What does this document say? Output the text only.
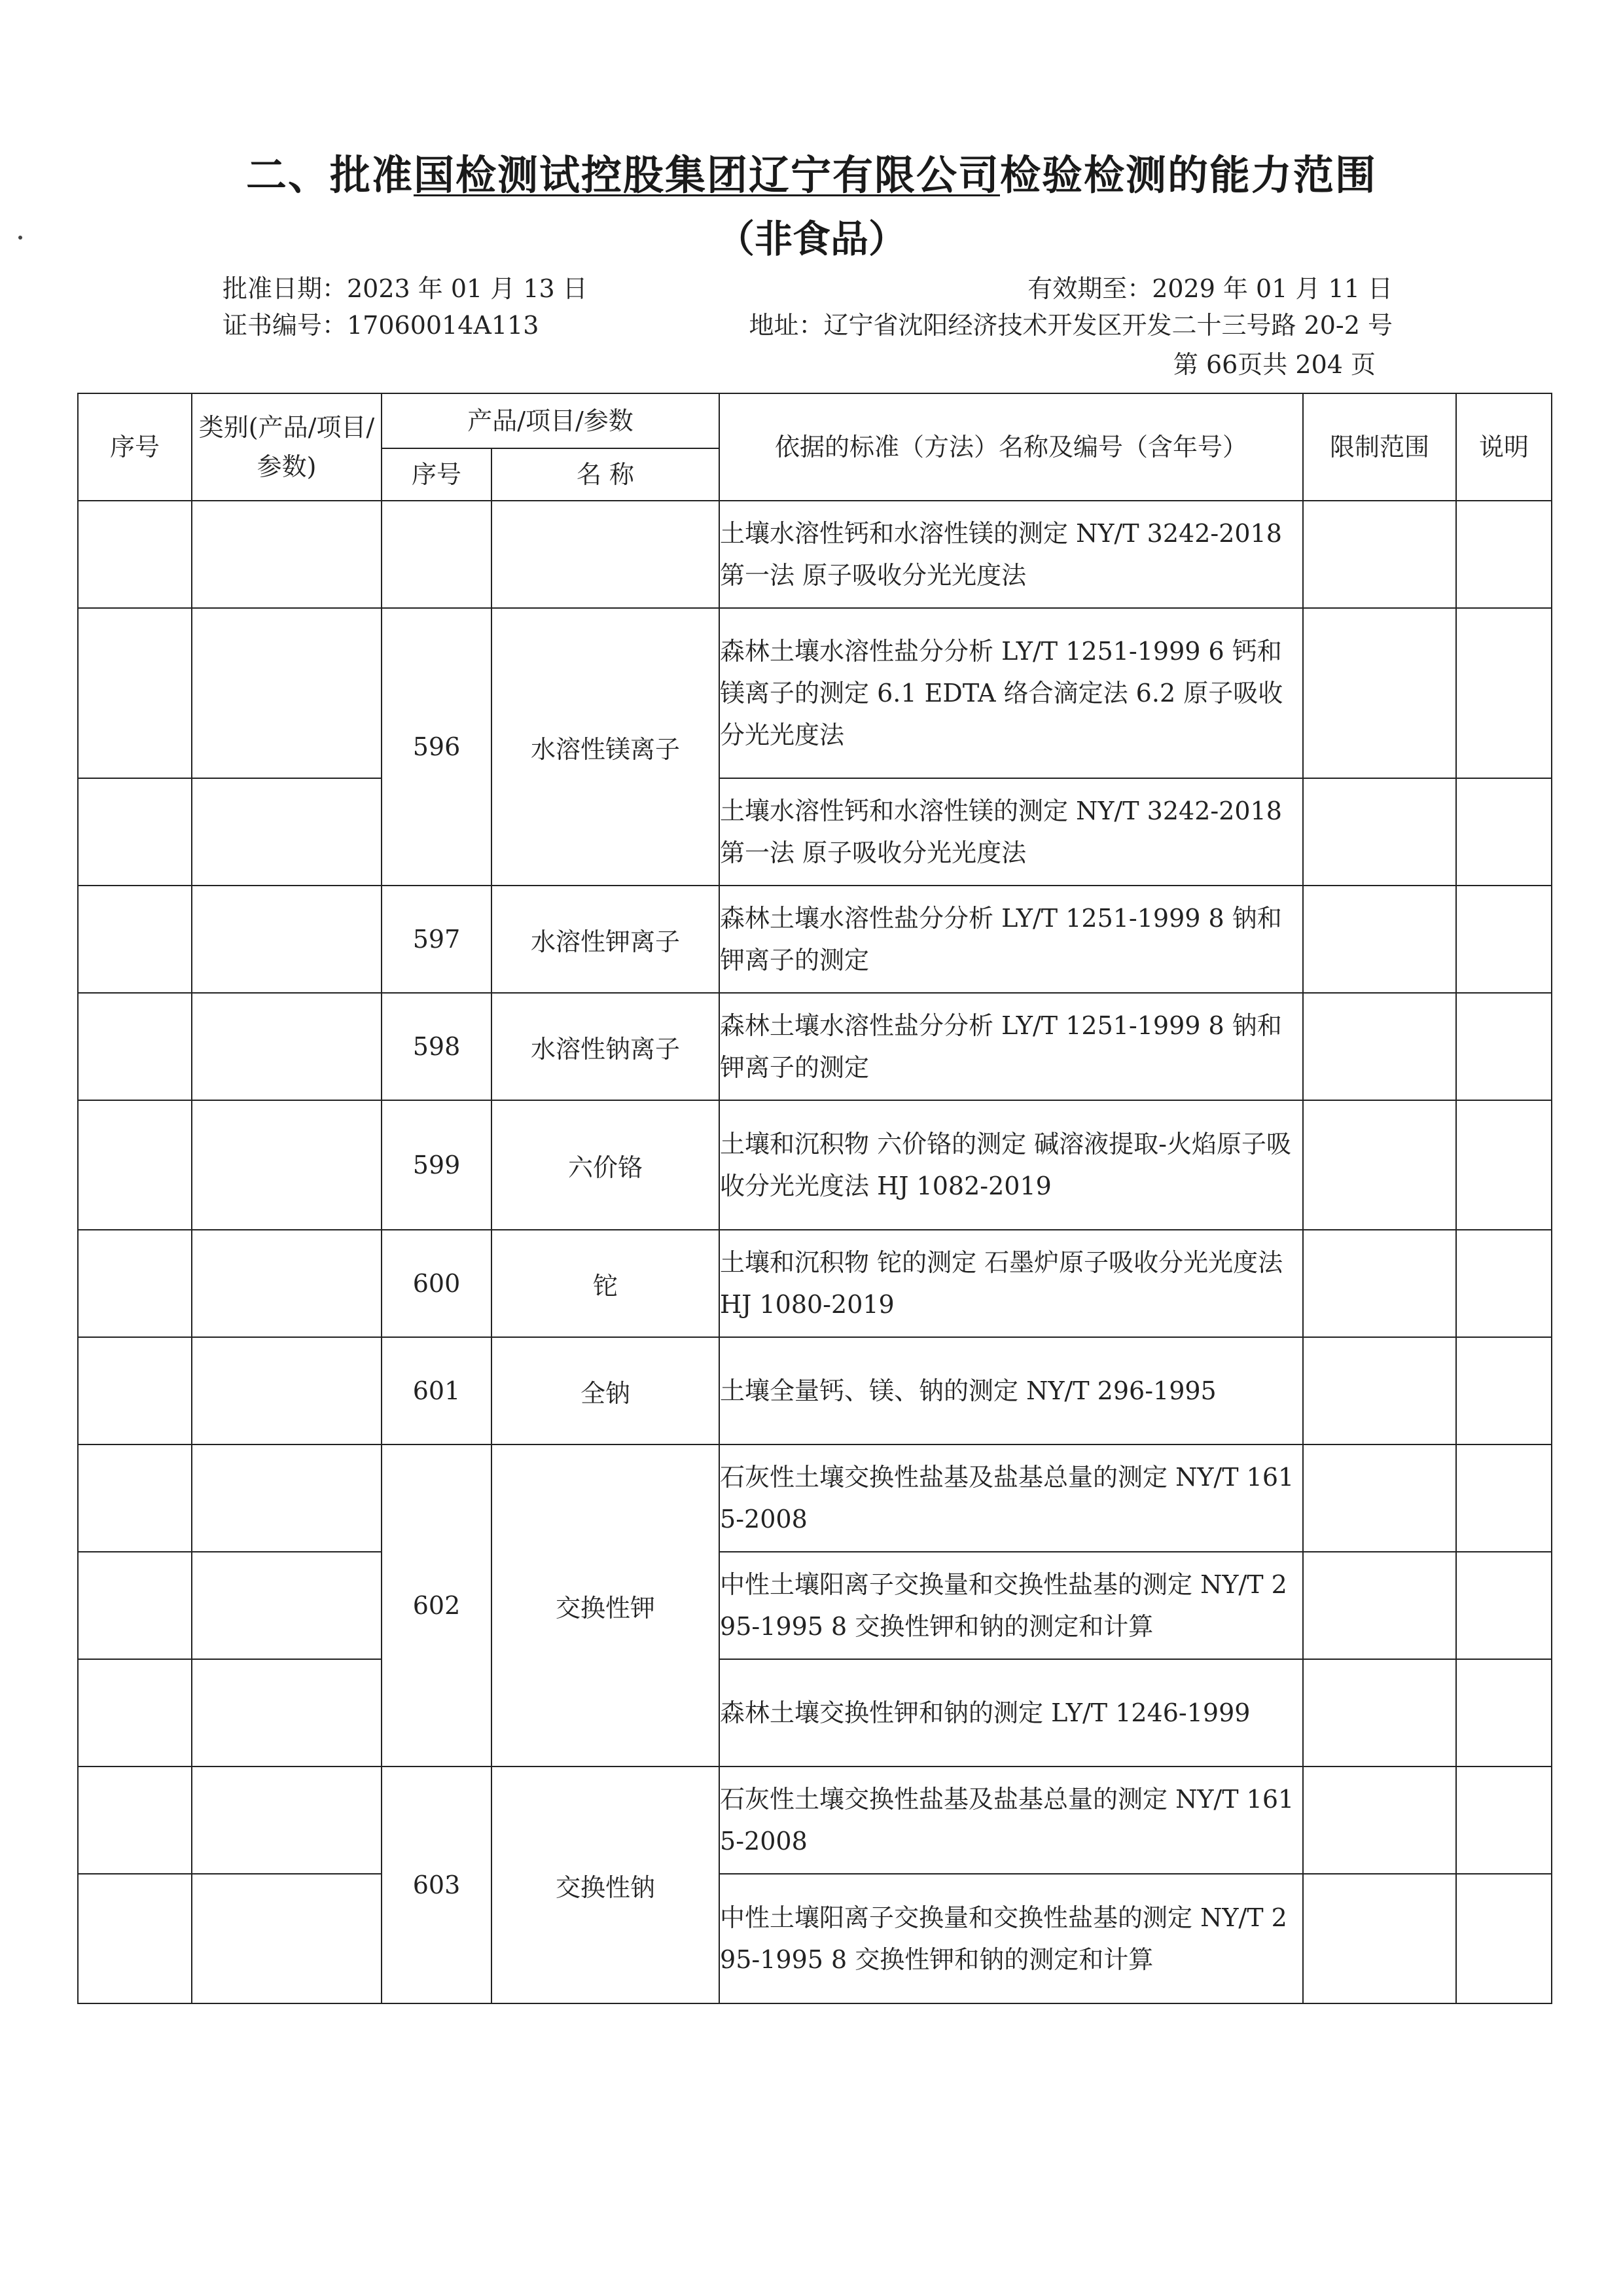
二、批准国检测试控股集团辽宁有限公司检验检测的能力范围
（非食品）
批准日期：2023 年 01 月 13 日	有效期至：2029 年 01 月 11 日
证书编号：17060014A113	地址：辽宁省沈阳经济技术开发区开发二十三号路 20-2 号
第 66页共 204 页
序号	类别(产品/项目/参数)	产品/项目/参数		依据的标准（方法）名称及编号（含年号）	限制范围	说明
		序号	名 称			
				土壤水溶性钙和水溶性镁的测定 NY/T 3242-2018 第一法 原子吸收分光光度法		
		596	水溶性镁离子	森林土壤水溶性盐分分析 LY/T 1251-1999 6 钙和镁离子的测定 6.1 EDTA 络合滴定法 6.2 原子吸收分光光度法		
				土壤水溶性钙和水溶性镁的测定 NY/T 3242-2018 第一法 原子吸收分光光度法		
		597	水溶性钾离子	森林土壤水溶性盐分分析 LY/T 1251-1999 8 钠和钾离子的测定		
		598	水溶性钠离子	森林土壤水溶性盐分分析 LY/T 1251-1999 8 钠和钾离子的测定		
		599	六价铬	土壤和沉积物 六价铬的测定 碱溶液提取-火焰原子吸收分光光度法 HJ 1082-2019		
		600	铊	土壤和沉积物 铊的测定 石墨炉原子吸收分光光度法 HJ 1080-2019		
		601	全钠	土壤全量钙、镁、钠的测定 NY/T 296-1995		
		602	交换性钾	石灰性土壤交换性盐基及盐基总量的测定 NY/T 1615-2008		
				中性土壤阳离子交换量和交换性盐基的测定 NY/T 295-1995 8 交换性钾和钠的测定和计算		
				森林土壤交换性钾和钠的测定 LY/T 1246-1999		
		603	交换性钠	石灰性土壤交换性盐基及盐基总量的测定 NY/T 1615-2008		
				中性土壤阳离子交换量和交换性盐基的测定 NY/T 295-1995 8 交换性钾和钠的测定和计算		
